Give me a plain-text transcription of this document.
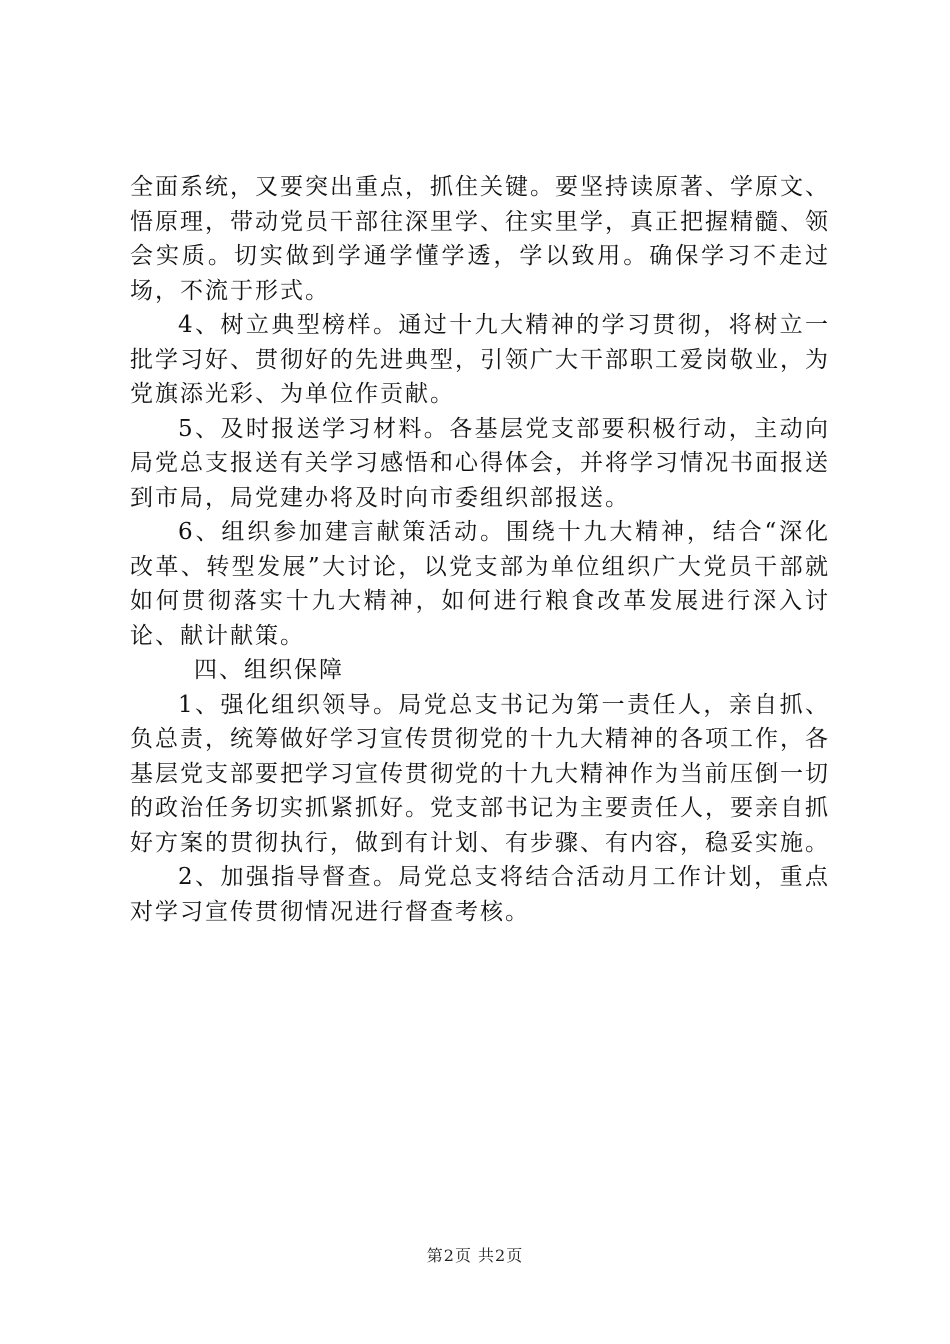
全面系统，又要突出重点，抓住关键。要坚持读原著、学原文、悟原理，带动党员干部往深里学、往实里学，真正把握精髓、领会实质。切实做到学通学懂学透，学以致用。确保学习不走过场，不流于形式。

4、树立典型榜样。通过十九大精神的学习贯彻，将树立一批学习好、贯彻好的先进典型，引领广大干部职工爱岗敬业，为党旗添光彩、为单位作贡献。

5、及时报送学习材料。各基层党支部要积极行动，主动向局党总支报送有关学习感悟和心得体会，并将学习情况书面报送到市局，局党建办将及时向市委组织部报送。

6、组织参加建言献策活动。围绕十九大精神，结合“深化改革、转型发展”大讨论，以党支部为单位组织广大党员干部就如何贯彻落实十九大精神，如何进行粮食改革发展进行深入讨论、献计献策。

四、组织保障

1、强化组织领导。局党总支书记为第一责任人，亲自抓、负总责，统筹做好学习宣传贯彻党的十九大精神的各项工作，各基层党支部要把学习宣传贯彻党的十九大精神作为当前压倒一切的政治任务切实抓紧抓好。党支部书记为主要责任人，要亲自抓好方案的贯彻执行，做到有计划、有步骤、有内容，稳妥实施。

2、加强指导督查。局党总支将结合活动月工作计划，重点对学习宣传贯彻情况进行督查考核。

第2页 共2页
